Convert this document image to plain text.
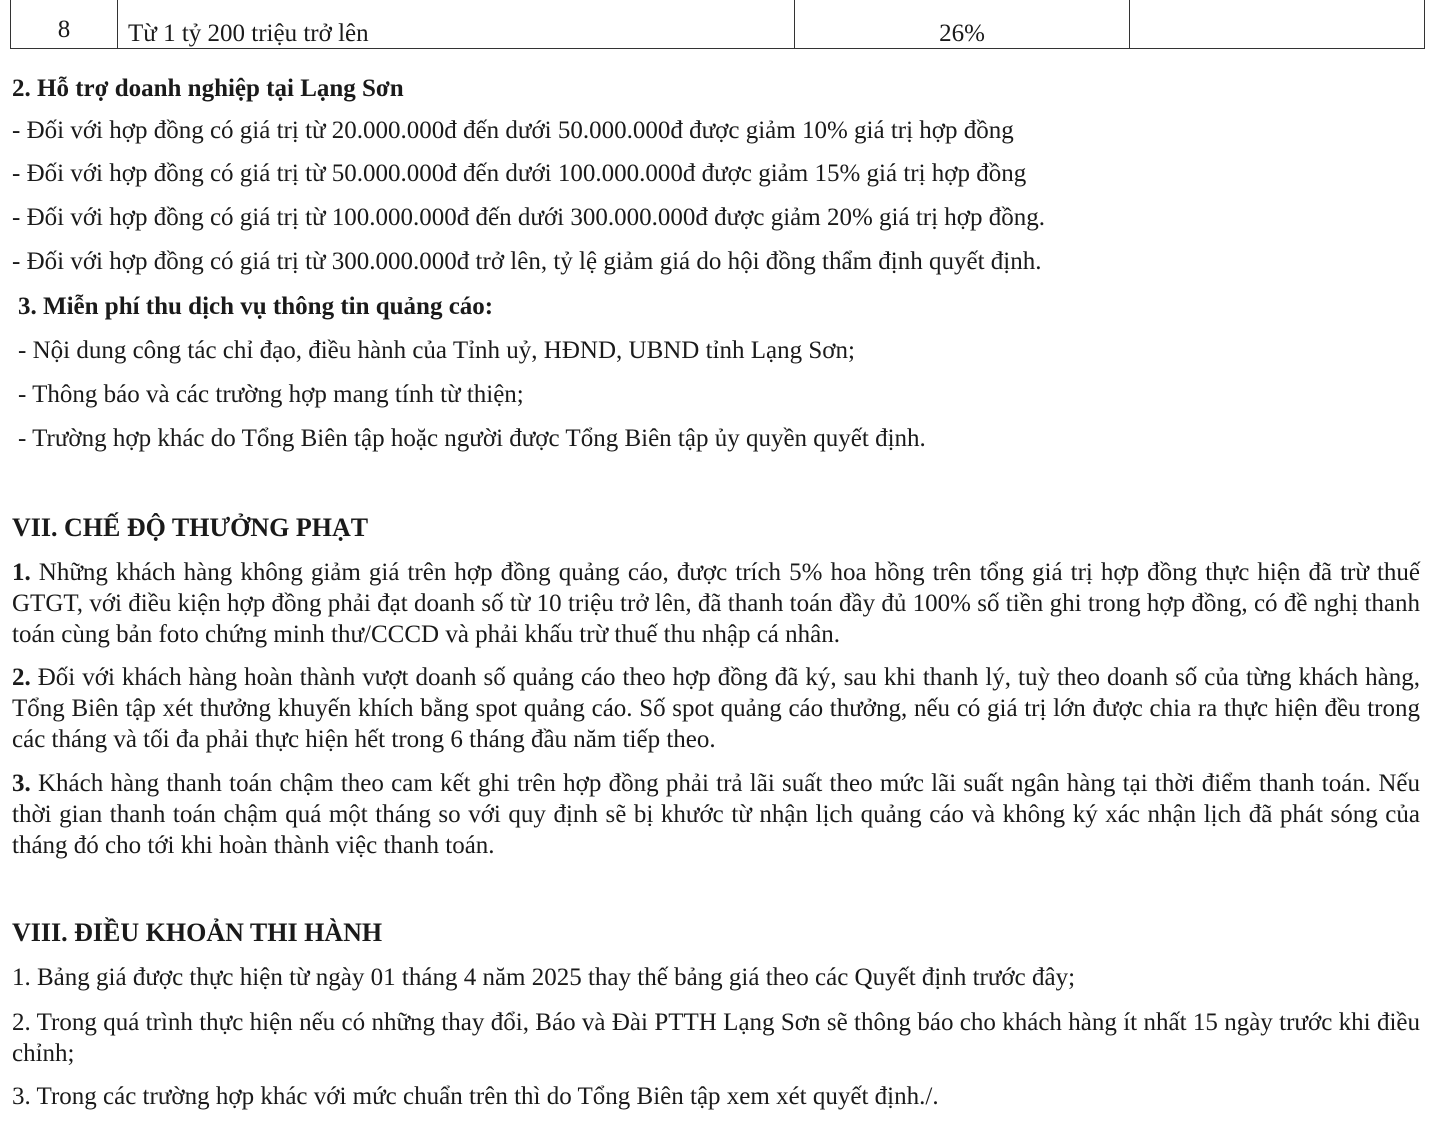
8	Từ 1 tỷ 200 triệu trở lên	26%	
2. Hỗ trợ doanh nghiệp tại Lạng Sơn
- Đối với hợp đồng có giá trị từ 20.000.000đ đến dưới 50.000.000đ được giảm 10% giá trị hợp đồng
- Đối với hợp đồng có giá trị từ 50.000.000đ đến dưới 100.000.000đ được giảm 15% giá trị hợp đồng
- Đối với hợp đồng có giá trị từ 100.000.000đ đến dưới 300.000.000đ được giảm 20% giá trị hợp đồng.
- Đối với hợp đồng có giá trị từ 300.000.000đ trở lên, tỷ lệ giảm giá do hội đồng thẩm định quyết định.
3. Miễn phí thu dịch vụ thông tin quảng cáo:
- Nội dung công tác chỉ đạo, điều hành của Tỉnh uỷ, HĐND, UBND tỉnh Lạng Sơn;
- Thông báo và các trường hợp mang tính từ thiện;
- Trường hợp khác do Tổng Biên tập hoặc người được Tổng Biên tập ủy quyền quyết định.
VII. CHẾ ĐỘ THƯỞNG PHẠT

1. Những khách hàng không giảm giá trên hợp đồng quảng cáo, được trích 5% hoa hồng trên tổng giá trị hợp đồng thực hiện đã trừ thuế GTGT, với điều kiện hợp đồng phải đạt doanh số từ 10 triệu trở lên, đã thanh toán đầy đủ 100% số tiền ghi trong hợp đồng, có đề nghị thanh toán cùng bản foto chứng minh thư/CCCD và phải khấu trừ thuế thu nhập cá nhân.

2. Đối với khách hàng hoàn thành vượt doanh số quảng cáo theo hợp đồng đã ký, sau khi thanh lý, tuỳ theo doanh số của từng khách hàng, Tổng Biên tập xét thưởng khuyến khích bằng spot quảng cáo. Số spot quảng cáo thưởng, nếu có giá trị lớn được chia ra thực hiện đều trong các tháng và tối đa phải thực hiện hết trong 6 tháng đầu năm tiếp theo.

3. Khách hàng thanh toán chậm theo cam kết ghi trên hợp đồng phải trả lãi suất theo mức lãi suất ngân hàng tại thời điểm thanh toán. Nếu thời gian thanh toán chậm quá một tháng so với quy định sẽ bị khước từ nhận lịch quảng cáo và không ký xác nhận lịch đã phát sóng của tháng đó cho tới khi hoàn thành việc thanh toán.

VIII. ĐIỀU KHOẢN THI HÀNH
1. Bảng giá được thực hiện từ ngày 01 tháng 4 năm 2025 thay thế bảng giá theo các Quyết định trước đây;

2. Trong quá trình thực hiện nếu có những thay đổi, Báo và Đài PTTH Lạng Sơn sẽ thông báo cho khách hàng ít nhất 15 ngày trước khi điều chỉnh;

3. Trong các trường hợp khác với mức chuẩn trên thì do Tổng Biên tập xem xét quyết định./.
